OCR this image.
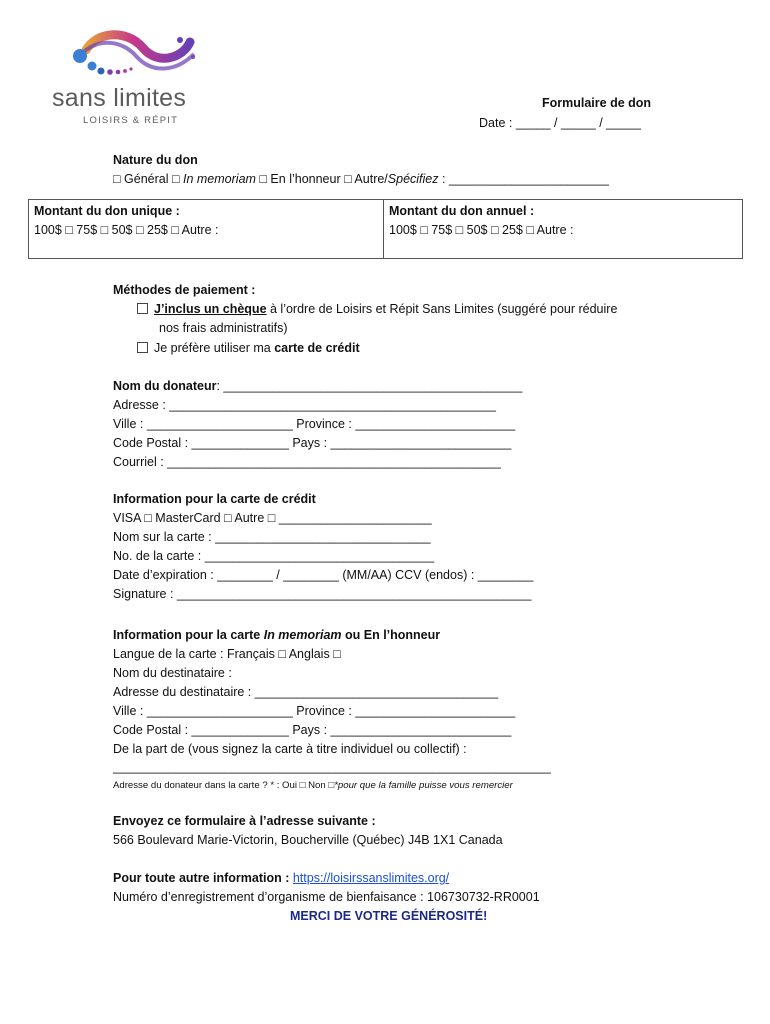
sans limites
LOISIRS & RÉPIT
Formulaire de don
Date : _____ / _____ / _____
Nature du don
□ Général □ In memoriam □ En l’honneur □ Autre/Spécifiez : _______________________
Montant du don unique :
100$ □ 75$ □ 50$ □ 25$ □ Autre :
Montant du don annuel :
100$ □ 75$ □ 50$ □ 25$ □ Autre :
Méthodes de paiement :
J’inclus un chèque à l’ordre de Loisirs et Répit Sans Limites (suggéré pour réduire
nos frais administratifs)
Je préfère utiliser ma carte de crédit
Nom du donateur: ___________________________________________
Adresse : _______________________________________________
Ville : _____________________ Province : _______________________
Code Postal : ______________ Pays : __________________________
Courriel : ________________________________________________
Information pour la carte de crédit
VISA □ MasterCard □ Autre □ ______________________
Nom sur la carte : _______________________________
No. de la carte : _________________________________
Date d’expiration : ________ / ________ (MM/AA) CCV (endos) : ________
Signature : ___________________________________________________
Information pour la carte In memoriam ou En l’honneur
Langue de la carte : Français □ Anglais □
Nom du destinataire :
Adresse du destinataire : ___________________________________
Ville : _____________________ Province : _______________________
Code Postal : ______________ Pays : __________________________
De la part de (vous signez la carte à titre individuel ou collectif) :
_______________________________________________________________
Adresse du donateur dans la carte ? * : Oui □ Non □*pour que la famille puisse vous remercier
Envoyez ce formulaire à l’adresse suivante :
566 Boulevard Marie-Victorin, Boucherville (Québec) J4B 1X1 Canada
Pour toute autre information : https://loisirssanslimites.org/
Numéro d’enregistrement d’organisme de bienfaisance : 106730732-RR0001
MERCI DE VOTRE GÉNÉROSITÉ!
